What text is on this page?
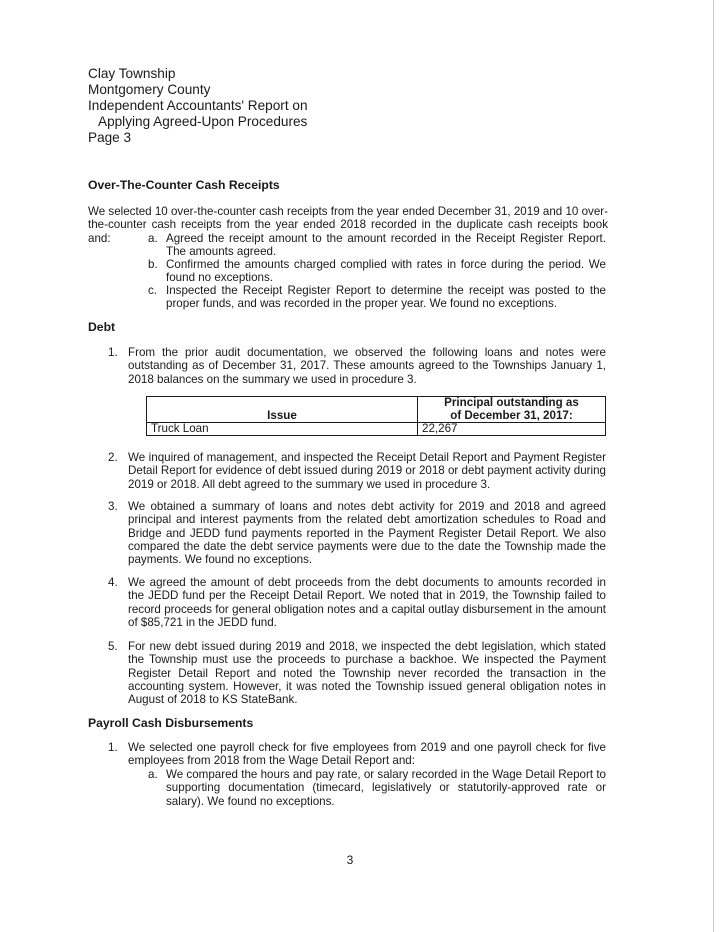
Clay Township
Montgomery County
Independent Accountants' Report on
Applying Agreed-Upon Procedures
Page 3
Over-The-Counter Cash Receipts
We selected 10 over-the-counter cash receipts from the year ended December 31, 2019 and 10 over-the-counter cash receipts from the year ended 2018 recorded in the duplicate cash receipts book and:	a. Agreed the receipt amount to the amount recorded in the Receipt Register Report. The amounts agreed.
b. Confirmed the amounts charged complied with rates in force during the period. We found no exceptions.
c. Inspected the Receipt Register Report to determine the receipt was posted to the proper funds, and was recorded in the proper year. We found no exceptions.
Debt
1. From the prior audit documentation, we observed the following loans and notes were outstanding as of December 31, 2017. These amounts agreed to the Townships January 1, 2018 balances on the summary we used in procedure 3.
Issue	Principal outstanding as
of December 31, 2017:

Truck Loan	22,267
2. We inquired of management, and inspected the Receipt Detail Report and Payment Register Detail Report for evidence of debt issued during 2019 or 2018 or debt payment activity during 2019 or 2018. All debt agreed to the summary we used in procedure 3.
3. We obtained a summary of loans and notes debt activity for 2019 and 2018 and agreed principal and interest payments from the related debt amortization schedules to Road and Bridge and JEDD fund payments reported in the Payment Register Detail Report. We also compared the date the debt service payments were due to the date the Township made the payments. We found no exceptions.
4. We agreed the amount of debt proceeds from the debt documents to amounts recorded in the JEDD fund per the Receipt Detail Report. We noted that in 2019, the Township failed to record proceeds for general obligation notes and a capital outlay disbursement in the amount of $85,721 in the JEDD fund.
5. For new debt issued during 2019 and 2018, we inspected the debt legislation, which stated the Township must use the proceeds to purchase a backhoe. We inspected the Payment Register Detail Report and noted the Township never recorded the transaction in the accounting system. However, it was noted the Township issued general obligation notes in August of 2018 to KS StateBank.
Payroll Cash Disbursements
1. We selected one payroll check for five employees from 2019 and one payroll check for five employees from 2018 from the Wage Detail Report and:
a. We compared the hours and pay rate, or salary recorded in the Wage Detail Report to supporting documentation (timecard, legislatively or statutorily-approved rate or salary). We found no exceptions.
3
